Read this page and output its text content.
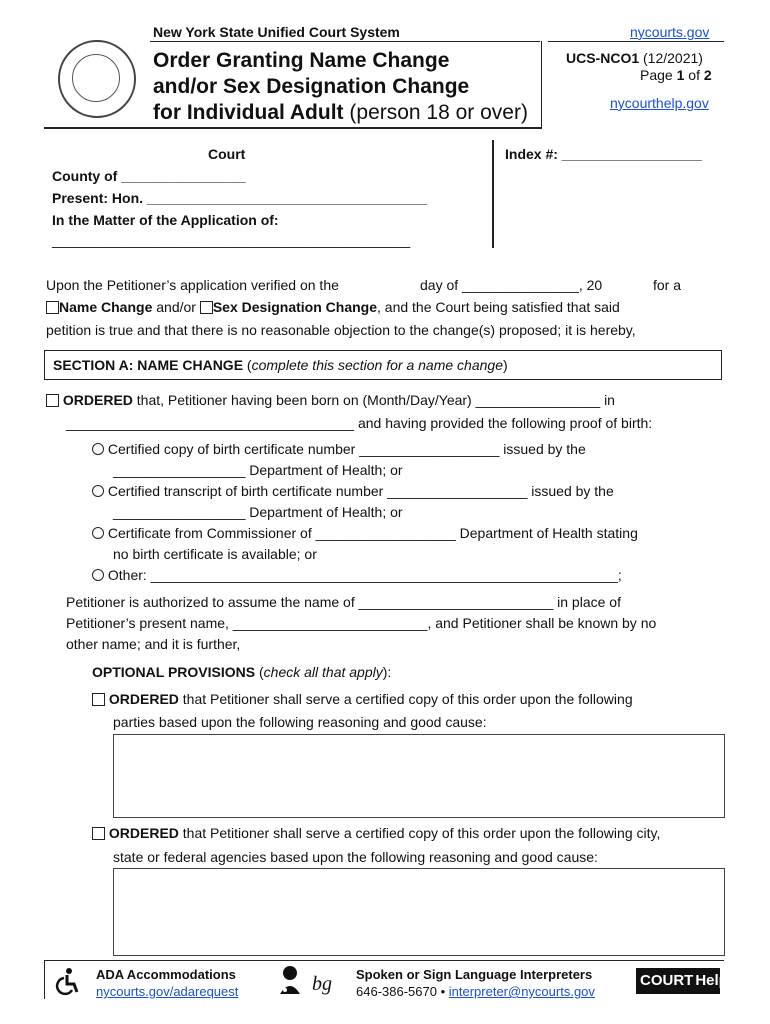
New York State Unified Court System	nycourts.gov
Order Granting Name Change
and/or Sex Designation Change
for Individual Adult (person 18 or over)
UCS-NCO1 (12/2021)
Page 1 of 2
nycourthelp.gov
Court
County of ________________
Present: Hon. ____________________________________
In the Matter of the Application of:
______________________________________________
Index #: __________________
Upon the Petitioner’s application verified on the	day of _______________, 20	for a
Name Change and/or Sex Designation Change, and the Court being satisfied that said
petition is true and that there is no reasonable objection to the change(s) proposed; it is hereby,
SECTION A: NAME CHANGE (complete this section for a name change)
ORDERED that, Petitioner having been born on (Month/Day/Year) ________________ in
_____________________________________ and having provided the following proof of birth:
Certified copy of birth certificate number __________________ issued by the
_________________ Department of Health; or
Certified transcript of birth certificate number __________________ issued by the
_________________ Department of Health; or
Certificate from Commissioner of __________________ Department of Health stating
no birth certificate is available; or
Other: ____________________________________________________________;
Petitioner is authorized to assume the name of _________________________ in place of
Petitioner’s present name, _________________________, and Petitioner shall be known by no
other name; and it is further,
OPTIONAL PROVISIONS (check all that apply):
ORDERED that Petitioner shall serve a certified copy of this order upon the following
parties based upon the following reasoning and good cause:
ORDERED that Petitioner shall serve a certified copy of this order upon the following city,
state or federal agencies based upon the following reasoning and good cause:
ADA Accommodations
nycourts.gov/adarequest	bg Spoken or Sign Language Interpreters
646-386-5670 • interpreter@nycourts.gov
COURT Help
